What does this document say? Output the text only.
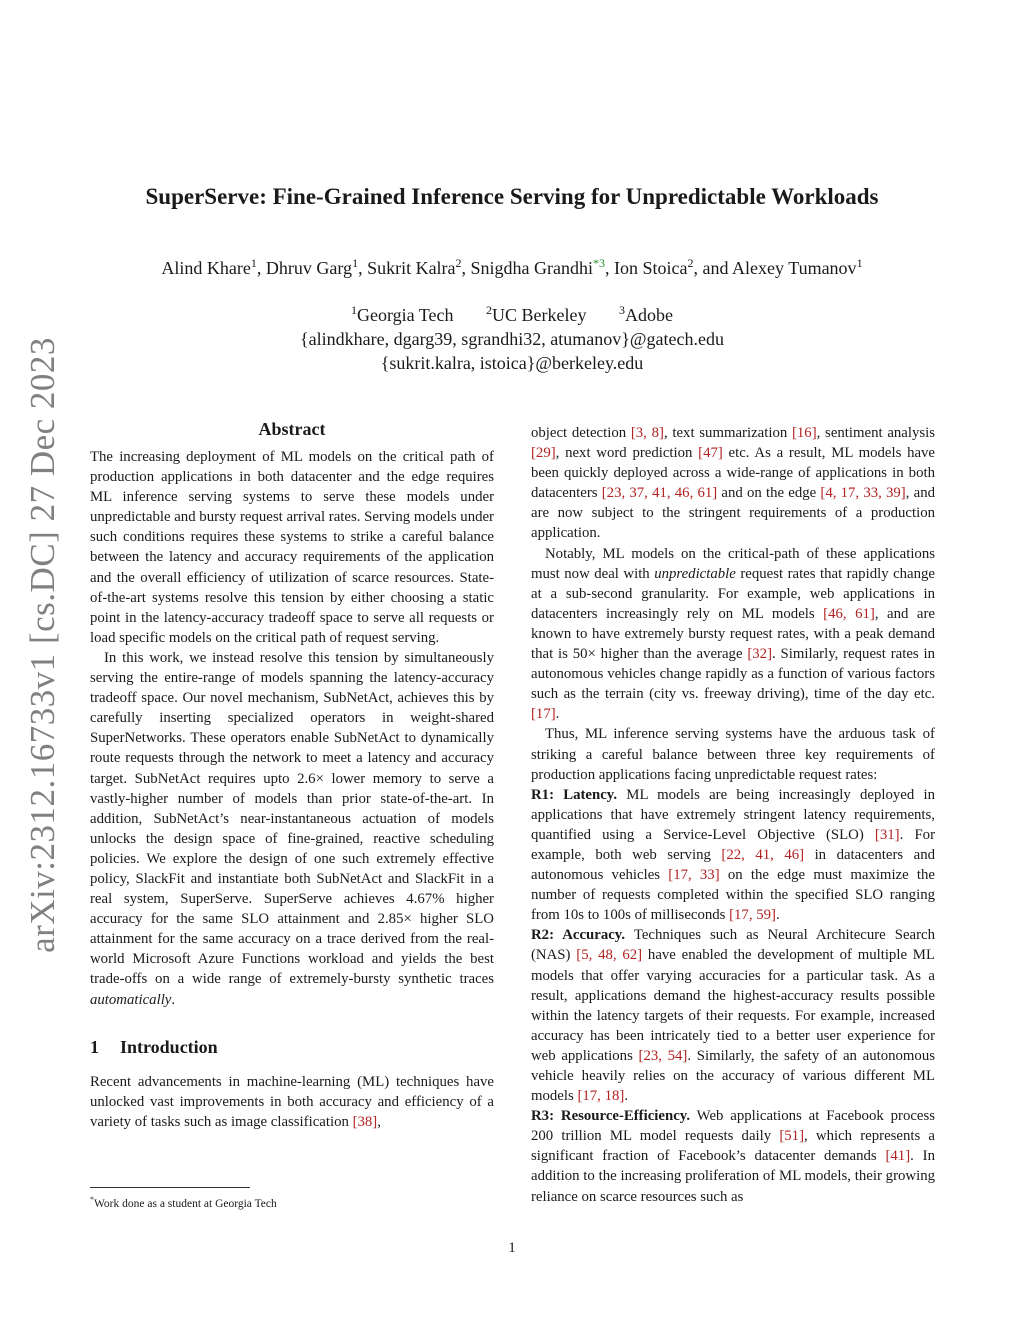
arXiv:2312.16733v1 [cs.DC] 27 Dec 2023
SuperServe: Fine-Grained Inference Serving for Unpredictable Workloads
Alind Khare$^1$, Dhruv Garg$^1$, Sukrit Kalra$^2$, Snigdha Grandhi$^{*3}$, Ion Stoica$^2$, and Alexey Tumanov$^1$
$^1$Georgia Tech	$^2$UC Berkeley	$^3$Adobe
{alindkhare, dgarg39, sgrandhi32, atumanov}@gatech.edu
{sukrit.kalra, istoica}@berkeley.edu
Abstract

The increasing deployment of ML models on the critical path of production applications in both datacenter and the edge requires ML inference serving systems to serve these models under unpredictable and bursty request arrival rates. Serving models under such conditions requires these systems to strike a careful balance between the latency and accuracy requirements of the application and the overall efficiency of utilization of scarce resources. State-of-the-art systems resolve this tension by either choosing a static point in the latency-accuracy tradeoff space to serve all requests or load specific models on the critical path of request serving.

In this work, we instead resolve this tension by simultaneously serving the entire-range of models spanning the latency-accuracy tradeoff space. Our novel mechanism, SubNetAct, achieves this by carefully inserting specialized operators in weight-shared SuperNetworks. These operators enable SubNetAct to dynamically route requests through the network to meet a latency and accuracy target. SubNetAct requires upto 2.6× lower memory to serve a vastly-higher number of models than prior state-of-the-art. In addition, SubNetAct’s near-instantaneous actuation of models unlocks the design space of fine-grained, reactive scheduling policies. We explore the design of one such extremely effective policy, SlackFit and instantiate both SubNetAct and SlackFit in a real system, SuperServe. SuperServe achieves 4.67% higher accuracy for the same SLO attainment and 2.85× higher SLO attainment for the same accuracy on a trace derived from the real-world Microsoft Azure Functions workload and yields the best trade-offs on a wide range of extremely-bursty synthetic traces automatically.

1 Introduction

Recent advancements in machine-learning (ML) techniques have unlocked vast improvements in both accuracy and efficiency of a variety of tasks such as image classification [38],

object detection [3, 8], text summarization [16], sentiment analysis [29], next word prediction [47] etc. As a result, ML models have been quickly deployed across a wide-range of applications in both datacenters [23, 37, 41, 46, 61] and on the edge [4, 17, 33, 39], and are now subject to the stringent requirements of a production application.

Notably, ML models on the critical-path of these applications must now deal with unpredictable request rates that rapidly change at a sub-second granularity. For example, web applications in datacenters increasingly rely on ML models [46, 61], and are known to have extremely bursty request rates, with a peak demand that is 50× higher than the average [32]. Similarly, request rates in autonomous vehicles change rapidly as a function of various factors such as the terrain (city vs. freeway driving), time of the day etc. [17].

Thus, ML inference serving systems have the arduous task of striking a careful balance between three key requirements of production applications facing unpredictable request rates:

R1: Latency. ML models are being increasingly deployed in applications that have extremely stringent latency requirements, quantified using a Service-Level Objective (SLO) [31]. For example, both web serving [22, 41, 46] in datacenters and autonomous vehicles [17, 33] on the edge must maximize the number of requests completed within the specified SLO ranging from 10s to 100s of milliseconds [17, 59].

R2: Accuracy. Techniques such as Neural Architecure Search (NAS) [5, 48, 62] have enabled the development of multiple ML models that offer varying accuracies for a particular task. As a result, applications demand the highest-accuracy results possible within the latency targets of their requests. For example, increased accuracy has been intricately tied to a better user experience for web applications [23, 54]. Similarly, the safety of an autonomous vehicle heavily relies on the accuracy of various different ML models [17, 18].

R3: Resource-Efficiency. Web applications at Facebook process 200 trillion ML model requests daily [51], which represents a significant fraction of Facebook’s datacenter demands [41]. In addition to the increasing proliferation of ML models, their growing reliance on scarce resources such as

*Work done as a student at Georgia Tech
1
